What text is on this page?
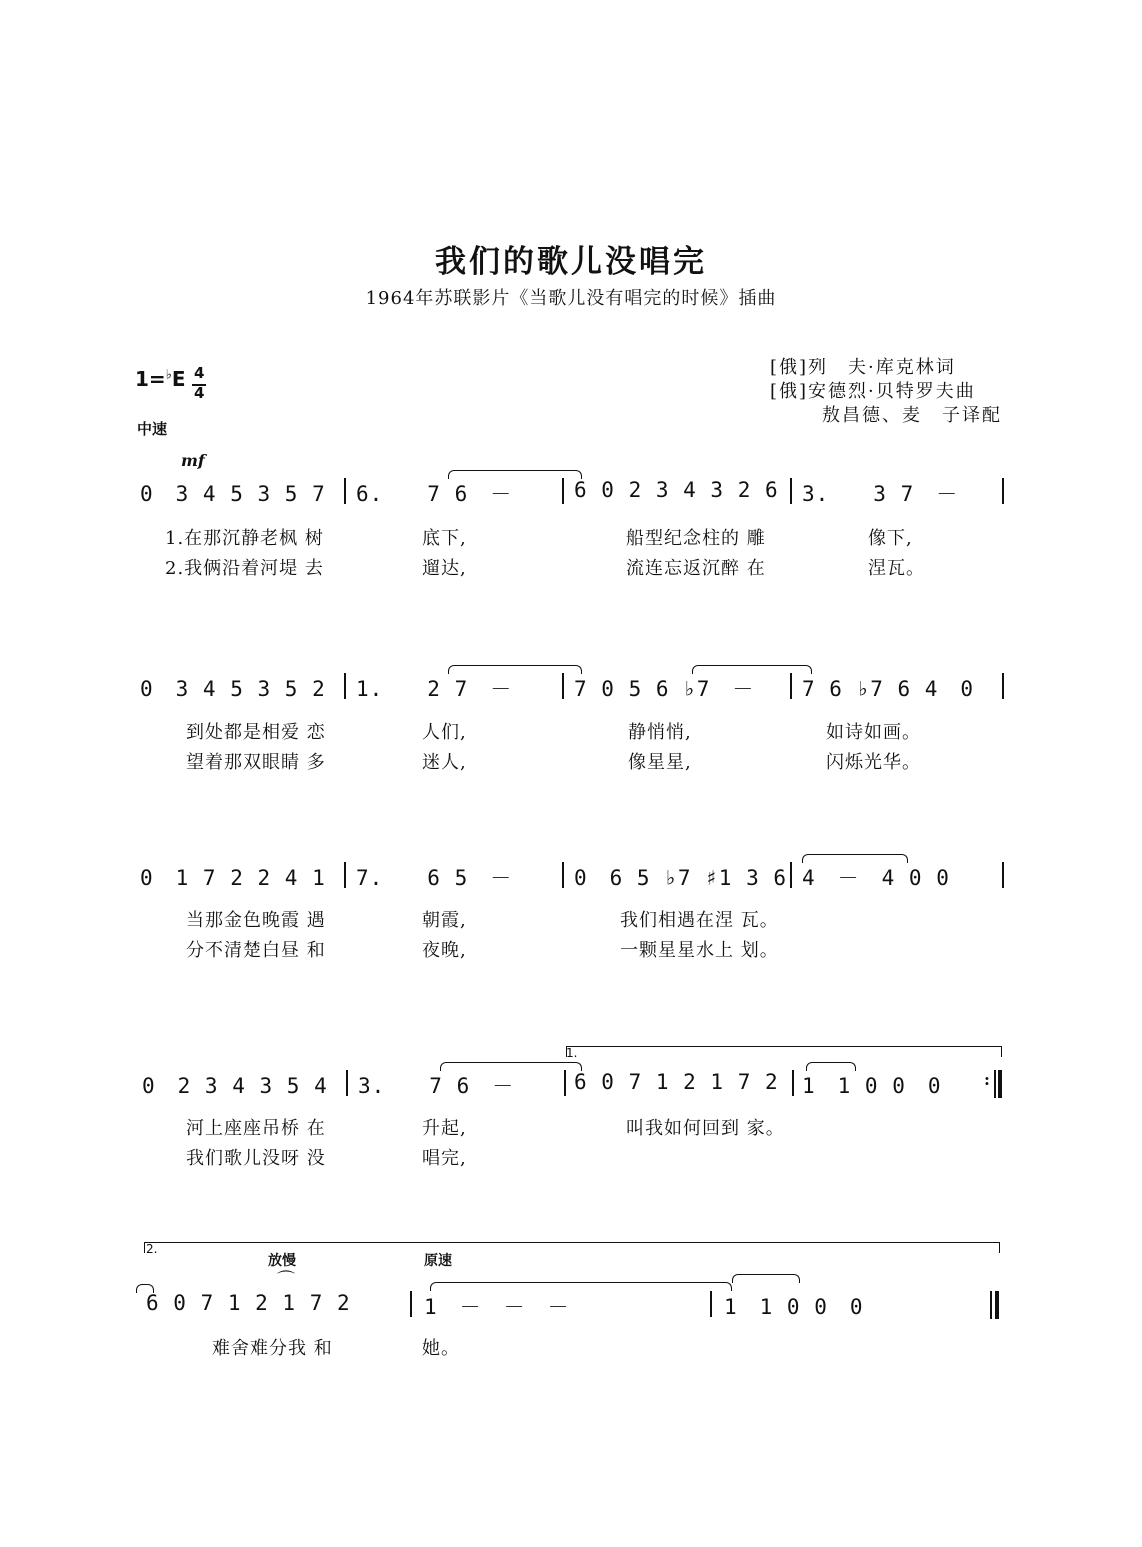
我们的歌儿没唱完
1964年苏联影片《当歌儿没有唱完的时候》插曲
[俄]列　夫·库克林词
[俄]安德烈·贝特罗夫曲
敖昌德、麦　子译配
1=♭E 4
4
中速
mf
0　3 4 5 3 5 7 6.　　7 6　－	6 0 2 3 4 3 2 6 3.　　3 7　－
1.在那沉静老枫 树	底下,	船型纪念柱的 雕	像下,
2.我俩沿着河堤 去	遛达,	流连忘返沉醉 在	涅瓦。
0　3 4 5 3 5 2 1.　　2 7　－	7 0 5 6 ♭7　－ 7 6 ♭7 6 4　0
到处都是相爱 恋	人们,	静悄悄,	如诗如画。
望着那双眼睛 多	迷人,	像星星,	闪烁光华。
0　1 7 2 2 4 1 7.　　6 5　－	0　6 5 ♭7 ♯1 3 6 4　－　4 0 0
当那金色晚霞 遇	朝霞,	我们相遇在涅 瓦。
分不清楚白昼 和	夜晚,	一颗星星水上 划。
1.
0　2 3 4 3 5 4 3.　　7 6　－	6 0 7 1 2 1 7 2 1　1 0 0　0	:
河上座座吊桥 在	升起,	叫我如何回到 家。
我们歌儿没呀 没	唱完,
2.
放慢	原速
⌒
6 0 7 1 2 1 7 2	1　－　－　－	1　1 0 0　0
难舍难分我 和	她。
